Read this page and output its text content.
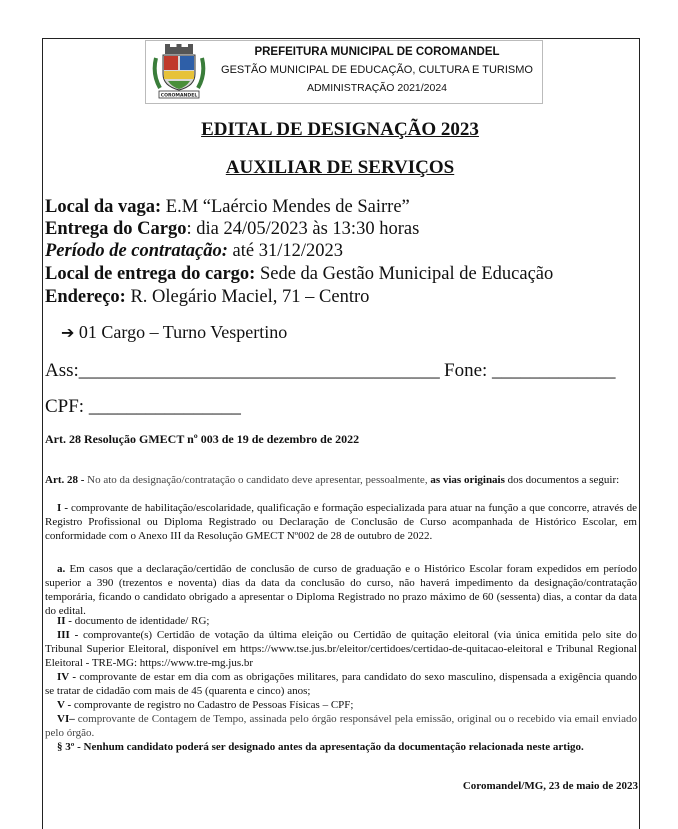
COROMANDEL
PREFEITURA MUNICIPAL DE COROMANDEL
GESTÃO MUNICIPAL DE EDUCAÇÃO, CULTURA E TURISMO
ADMINISTRAÇÃO 2021/2024
EDITAL DE DESIGNAÇÃO 2023
AUXILIAR DE SERVIÇOS
Local da vaga: E.M “Laércio Mendes de Sairre”
Entrega do Cargo: dia 24/05/2023 às 13:30 horas
Período de contratação: até 31/12/2023
Local de entrega do cargo: Sede da Gestão Municipal de Educação
Endereço: R. Olegário Maciel, 71 – Centro
➔ 01 Cargo – Turno Vespertino
Ass:______________________________________ Fone: _____________
CPF: ________________
Art. 28 Resolução GMECT nº 003 de 19 de dezembro de 2022
Art. 28 - No ato da designação/contratação o candidato deve apresentar, pessoalmente, as vias originais dos documentos a seguir:
I - comprovante de habilitação/escolaridade, qualificação e formação especializada para atuar na função a que concorre, através de Registro Profissional ou Diploma Registrado ou Declaração de Conclusão de Curso acompanhada de Histórico Escolar, em conformidade com o Anexo III da Resolução GMECT Nº002 de 28 de outubro de 2022.
a. Em casos que a declaração/certidão de conclusão de curso de graduação e o Histórico Escolar foram expedidos em período superior a 390 (trezentos e noventa) dias da data da conclusão do curso, não haverá impedimento da designação/contratação temporária, ficando o candidato obrigado a apresentar o Diploma Registrado no prazo máximo de 60 (sessenta) dias, a contar da data do edital.
II - documento de identidade/ RG;
III - comprovante(s) Certidão de votação da última eleição ou Certidão de quitação eleitoral (via única emitida pelo site do Tribunal Superior Eleitoral, disponível em https://www.tse.jus.br/eleitor/certidoes/certidao-de-quitacao-eleitoral e Tribunal Regional Eleitoral - TRE-MG: https://www.tre-mg.jus.br
IV - comprovante de estar em dia com as obrigações militares, para candidato do sexo masculino, dispensada a exigência quando se tratar de cidadão com mais de 45 (quarenta e cinco) anos;
V - comprovante de registro no Cadastro de Pessoas Físicas – CPF;
VI– comprovante de Contagem de Tempo, assinada pelo órgão responsável pela emissão, original ou o recebido via email enviado pelo órgão.
§ 3º - Nenhum candidato poderá ser designado antes da apresentação da documentação relacionada neste artigo.
Coromandel/MG, 23 de maio de 2023
